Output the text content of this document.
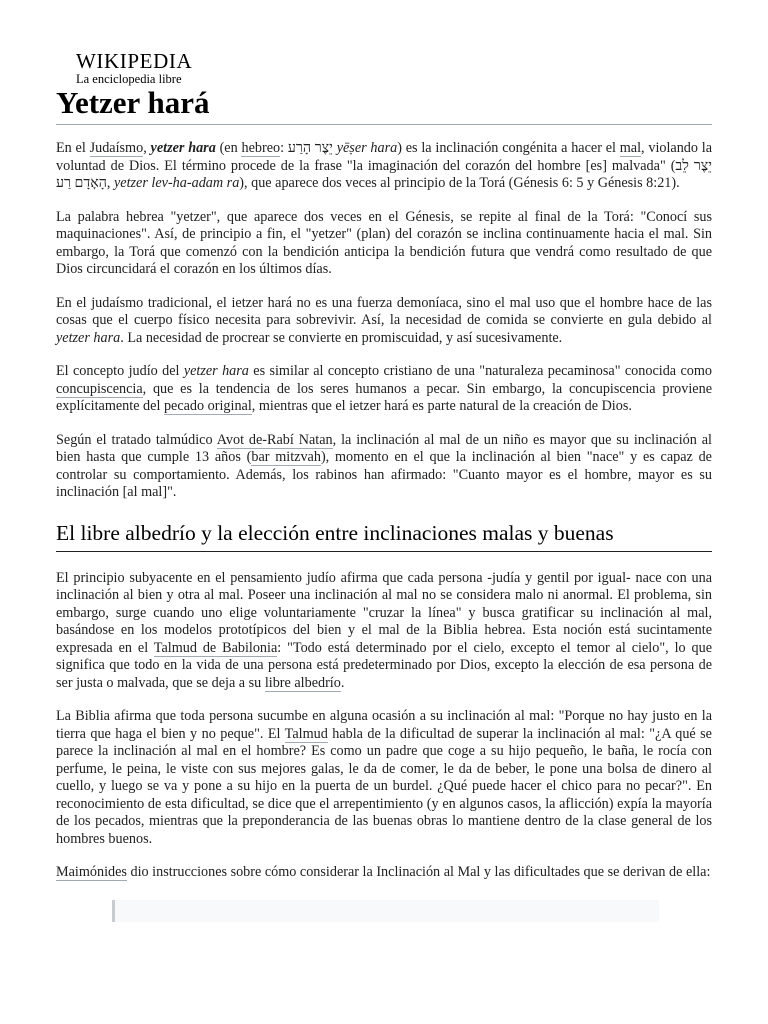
WIKIPEDIA
La enciclopedia libre
Yetzer hará

En el Judaísmo, yetzer hara (en hebreo: יֵצֶר הָרַע yēṣer hara) es la inclinación congénita a hacer el mal, violando la voluntad de Dios. El término procede de la frase "la imaginación del corazón del hombre [es] malvada" (יֵצֶר לֵב הָאָדָם רַע, yetzer lev-ha-adam ra), que aparece dos veces al principio de la Torá (Génesis 6: 5 y Génesis 8:21).

La palabra hebrea "yetzer", que aparece dos veces en el Génesis, se repite al final de la Torá: "Conocí sus maquinaciones". Así, de principio a fin, el "yetzer" (plan) del corazón se inclina continuamente hacia el mal. Sin embargo, la Torá que comenzó con la bendición anticipa la bendición futura que vendrá como resultado de que Dios circuncidará el corazón en los últimos días.

En el judaísmo tradicional, el ietzer hará no es una fuerza demoníaca, sino el mal uso que el hombre hace de las cosas que el cuerpo físico necesita para sobrevivir. Así, la necesidad de comida se convierte en gula debido al yetzer hara. La necesidad de procrear se convierte en promiscuidad, y así sucesivamente.

El concepto judío del yetzer hara es similar al concepto cristiano de una "naturaleza pecaminosa" conocida como concupiscencia, que es la tendencia de los seres humanos a pecar. Sin embargo, la concupiscencia proviene explícitamente del pecado original, mientras que el ietzer hará es parte natural de la creación de Dios.

Según el tratado talmúdico Avot de-Rabí Natan, la inclinación al mal de un niño es mayor que su inclinación al bien hasta que cumple 13 años (bar mitzvah), momento en el que la inclinación al bien "nace" y es capaz de controlar su comportamiento. Además, los rabinos han afirmado: "Cuanto mayor es el hombre, mayor es su inclinación [al mal]".

El libre albedrío y la elección entre inclinaciones malas y buenas

El principio subyacente en el pensamiento judío afirma que cada persona -judía y gentil por igual- nace con una inclinación al bien y otra al mal. Poseer una inclinación al mal no se considera malo ni anormal. El problema, sin embargo, surge cuando uno elige voluntariamente "cruzar la línea" y busca gratificar su inclinación al mal, basándose en los modelos prototípicos del bien y el mal de la Biblia hebrea. Esta noción está sucintamente expresada en el Talmud de Babilonia: "Todo está determinado por el cielo, excepto el temor al cielo", lo que significa que todo en la vida de una persona está predeterminado por Dios, excepto la elección de esa persona de ser justa o malvada, que se deja a su libre albedrío.

La Biblia afirma que toda persona sucumbe en alguna ocasión a su inclinación al mal: "Porque no hay justo en la tierra que haga el bien y no peque". El Talmud habla de la dificultad de superar la inclinación al mal: "¿A qué se parece la inclinación al mal en el hombre? Es como un padre que coge a su hijo pequeño, le baña, le rocía con perfume, le peina, le viste con sus mejores galas, le da de comer, le da de beber, le pone una bolsa de dinero al cuello, y luego se va y pone a su hijo en la puerta de un burdel. ¿Qué puede hacer el chico para no pecar?". En reconocimiento de esta dificultad, se dice que el arrepentimiento (y en algunos casos, la aflicción) expía la mayoría de los pecados, mientras que la preponderancia de las buenas obras lo mantiene dentro de la clase general de los hombres buenos.

Maimónides dio instrucciones sobre cómo considerar la Inclinación al Mal y las dificultades que se derivan de ella:
